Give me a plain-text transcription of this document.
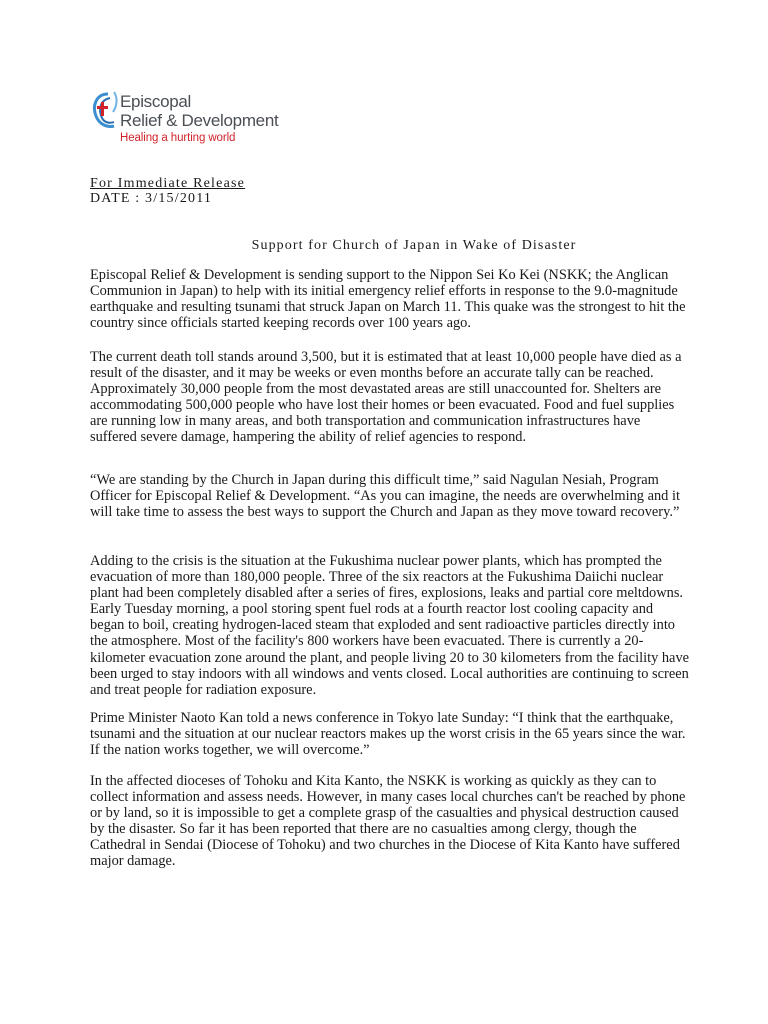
Episcopal
Relief & Development
Healing a hurting world
For Immediate Release
DATE : 3/15/2011
Support for Church of Japan in Wake of Disaster

Episcopal Relief & Development is sending support to the Nippon Sei Ko Kei (NSKK; the Anglican Communion in Japan) to help with its initial emergency relief efforts in response to the 9.0-magnitude earthquake and resulting tsunami that struck Japan on March 11. This quake was the strongest to hit the country since officials started keeping records over 100 years ago.

The current death toll stands around 3,500, but it is estimated that at least 10,000 people have died as a result of the disaster, and it may be weeks or even months before an accurate tally can be reached. Approximately 30,000 people from the most devastated areas are still unaccounted for. Shelters are accommodating 500,000 people who have lost their homes or been evacuated. Food and fuel supplies are running low in many areas, and both transportation and communication infrastructures have suffered severe damage, hampering the ability of relief agencies to respond.

“We are standing by the Church in Japan during this difficult time,” said Nagulan Nesiah, Program Officer for Episcopal Relief & Development. “As you can imagine, the needs are overwhelming and it will take time to assess the best ways to support the Church and Japan as they move toward recovery.”

Adding to the crisis is the situation at the Fukushima nuclear power plants, which has prompted the evacuation of more than 180,000 people. Three of the six reactors at the Fukushima Daiichi nuclear plant had been completely disabled after a series of fires, explosions, leaks and partial core meltdowns. Early Tuesday morning, a pool storing spent fuel rods at a fourth reactor lost cooling capacity and began to boil, creating hydrogen-laced steam that exploded and sent radioactive particles directly into the atmosphere. Most of the facility's 800 workers have been evacuated. There is currently a 20-kilometer evacuation zone around the plant, and people living 20 to 30 kilometers from the facility have been urged to stay indoors with all windows and vents closed. Local authorities are continuing to screen and treat people for radiation exposure.

Prime Minister Naoto Kan told a news conference in Tokyo late Sunday: “I think that the earthquake, tsunami and the situation at our nuclear reactors makes up the worst crisis in the 65 years since the war. If the nation works together, we will overcome.”

In the affected dioceses of Tohoku and Kita Kanto, the NSKK is working as quickly as they can to collect information and assess needs. However, in many cases local churches can't be reached by phone or by land, so it is impossible to get a complete grasp of the casualties and physical destruction caused by the disaster. So far it has been reported that there are no casualties among clergy, though the Cathedral in Sendai (Diocese of Tohoku) and two churches in the Diocese of Kita Kanto have suffered major damage.
